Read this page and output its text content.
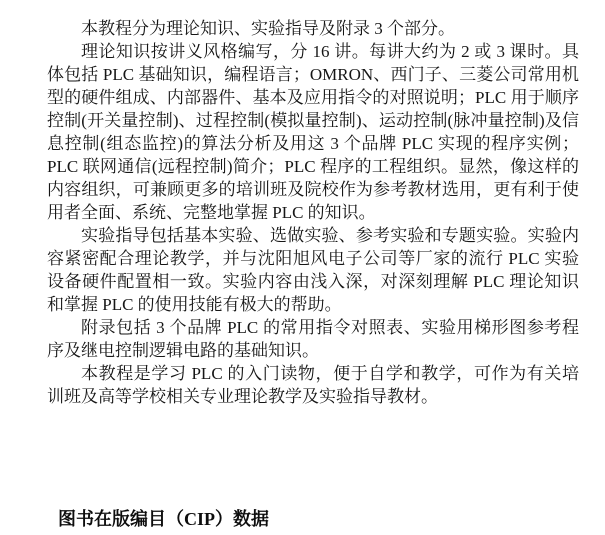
本教程分为理论知识、实验指导及附录 3 个部分。

理论知识按讲义风格编写，分 16 讲。每讲大约为 2 或 3 课时。具体包括 PLC 基础知识，编程语言；OMRON、西门子、三菱公司常用机型的硬件组成、内部器件、基本及应用指令的对照说明；PLC 用于顺序控制(开关量控制)、过程控制(模拟量控制)、运动控制(脉冲量控制)及信息控制(组态监控)的算法分析及用这 3 个品牌 PLC 实现的程序实例；PLC 联网通信(远程控制)简介；PLC 程序的工程组织。显然，像这样的内容组织，可兼顾更多的培训班及院校作为参考教材选用，更有利于使用者全面、系统、完整地掌握 PLC 的知识。

实验指导包括基本实验、选做实验、参考实验和专题实验。实验内容紧密配合理论教学，并与沈阳旭风电子公司等厂家的流行 PLC 实验设备硬件配置相一致。实验内容由浅入深，对深刻理解 PLC 理论知识和掌握 PLC 的使用技能有极大的帮助。

附录包括 3 个品牌 PLC 的常用指令对照表、实验用梯形图参考程序及继电控制逻辑电路的基础知识。

本教程是学习 PLC 的入门读物，便于自学和教学，可作为有关培训班及高等学校相关专业理论教学及实验指导教材。

图书在版编目（CIP）数据
